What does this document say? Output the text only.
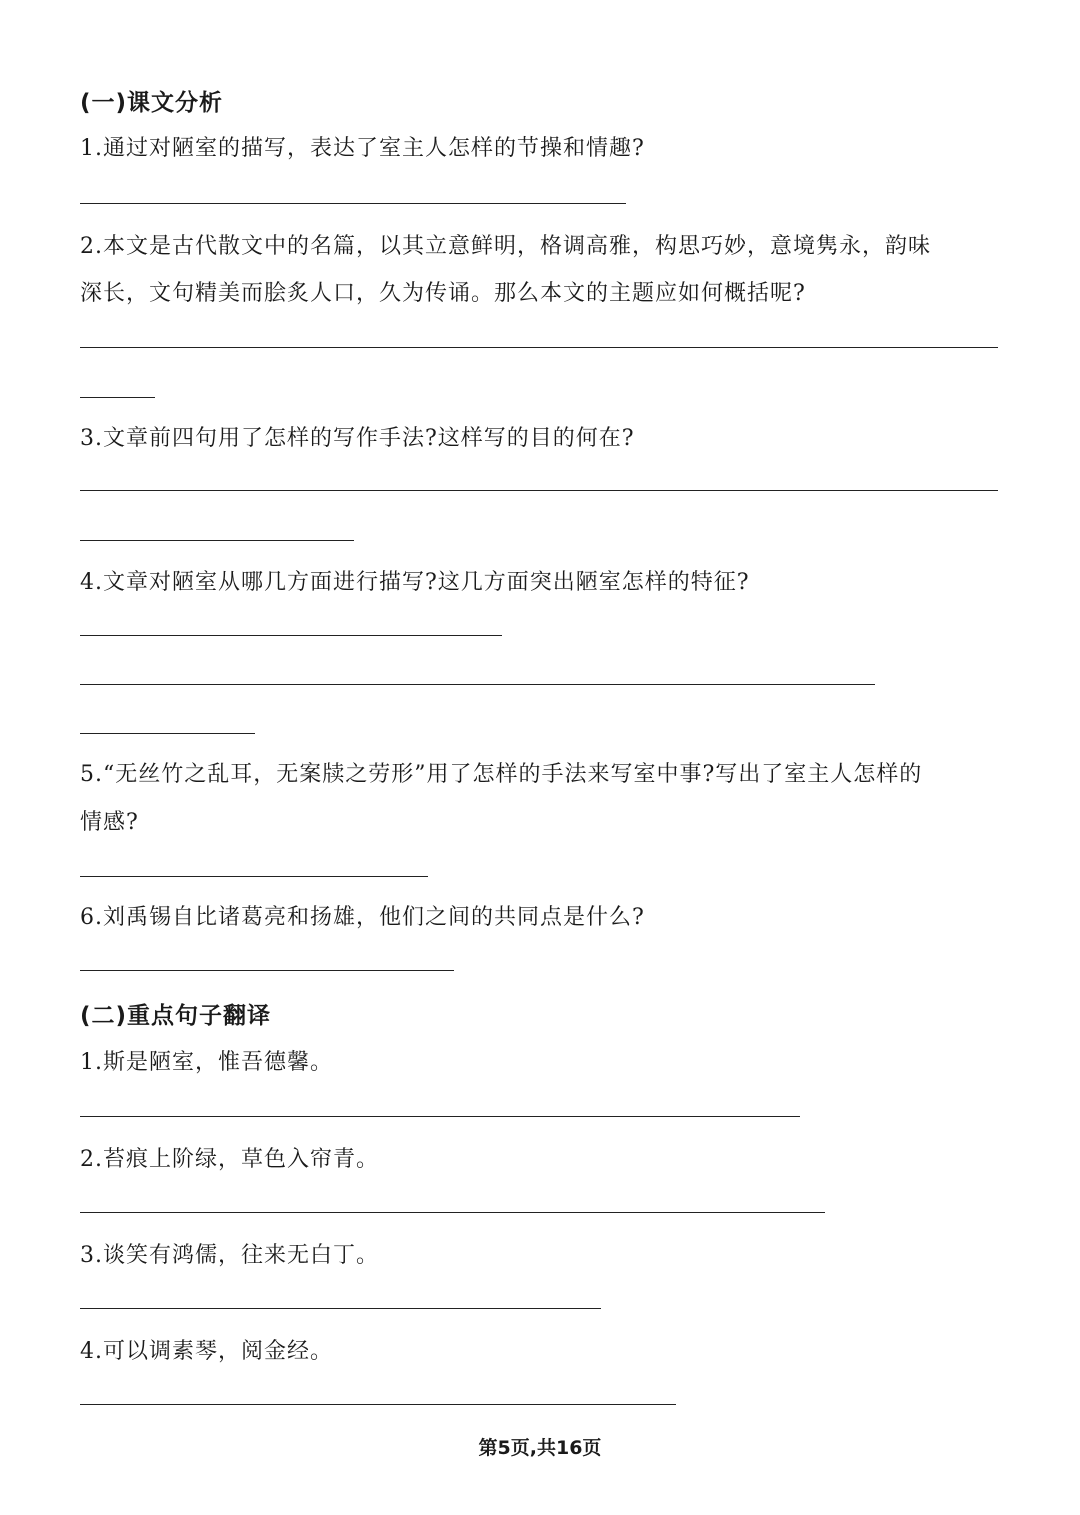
(一)课文分析
1.通过对陋室的描写，表达了室主人怎样的节操和情趣?
2.本文是古代散文中的名篇，以其立意鲜明，格调高雅，构思巧妙，意境隽永，韵味
深长，文句精美而脍炙人口，久为传诵。那么本文的主题应如何概括呢?
3.文章前四句用了怎样的写作手法?这样写的目的何在?
4.文章对陋室从哪几方面进行描写?这几方面突出陋室怎样的特征?
5.“无丝竹之乱耳，无案牍之劳形”用了怎样的手法来写室中事?写出了室主人怎样的
情感?
6.刘禹锡自比诸葛亮和扬雄，他们之间的共同点是什么?
(二)重点句子翻译
1.斯是陋室，惟吾德馨。
2.苔痕上阶绿，草色入帘青。
3.谈笑有鸿儒，往来无白丁。
4.可以调素琴，阅金经。
第5页,共16页
